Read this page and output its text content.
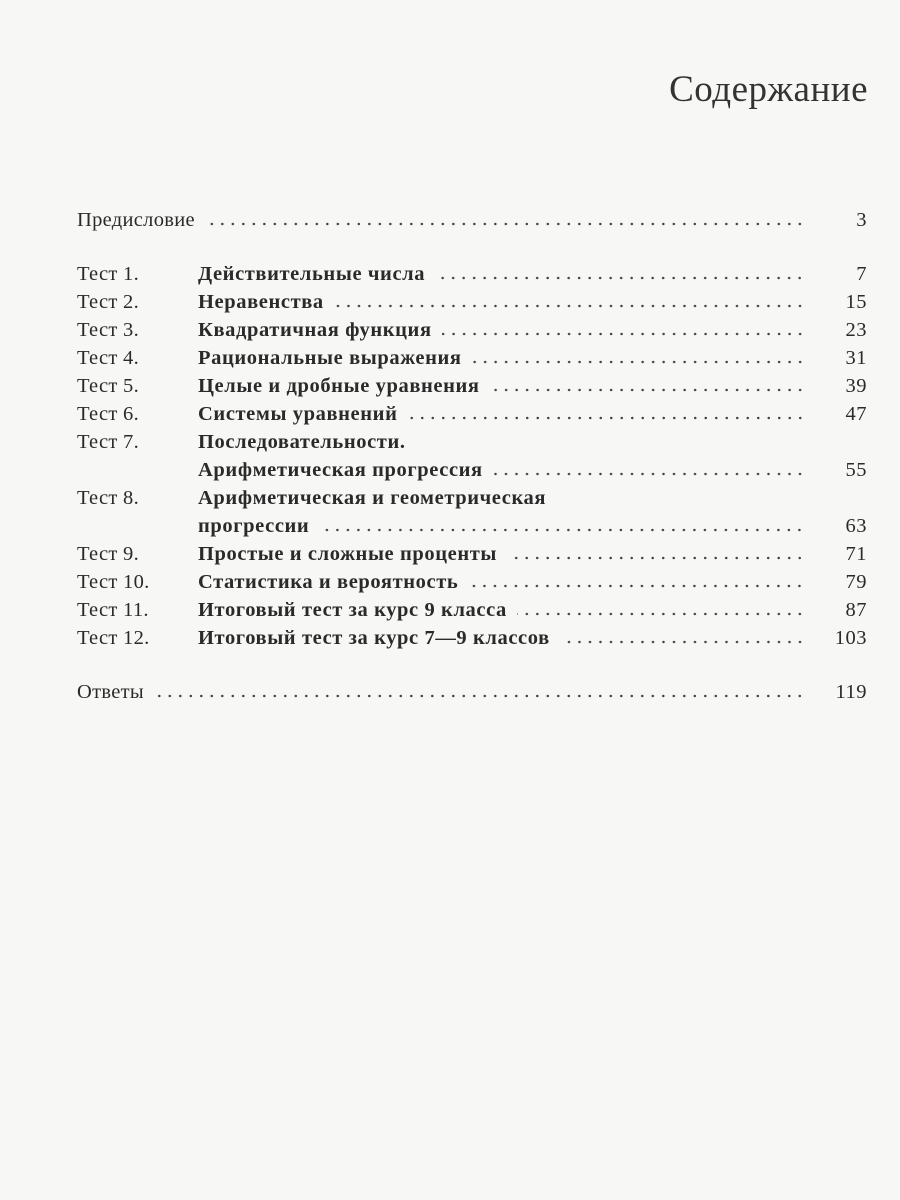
Содержание
Предисловие	3
Тест 1.	Действительные числа	7
Тест 2.	Неравенства	15
Тест 3.	Квадратичная функция	23
Тест 4.	Рациональные выражения	31
Тест 5.	Целые и дробные уравнения	39
Тест 6.	Системы уравнений	47
Тест 7.	Последовательности.
Арифметическая прогрессия	55
Тест 8.	Арифметическая и геометрическая
прогрессии	63
Тест 9.	Простые и сложные проценты	71
Тест 10.	Статистика и вероятность	79
Тест 11.	Итоговый тест за курс 9 класса	87
Тест 12.	Итоговый тест за курс 7—9 классов	103
Ответы	119
